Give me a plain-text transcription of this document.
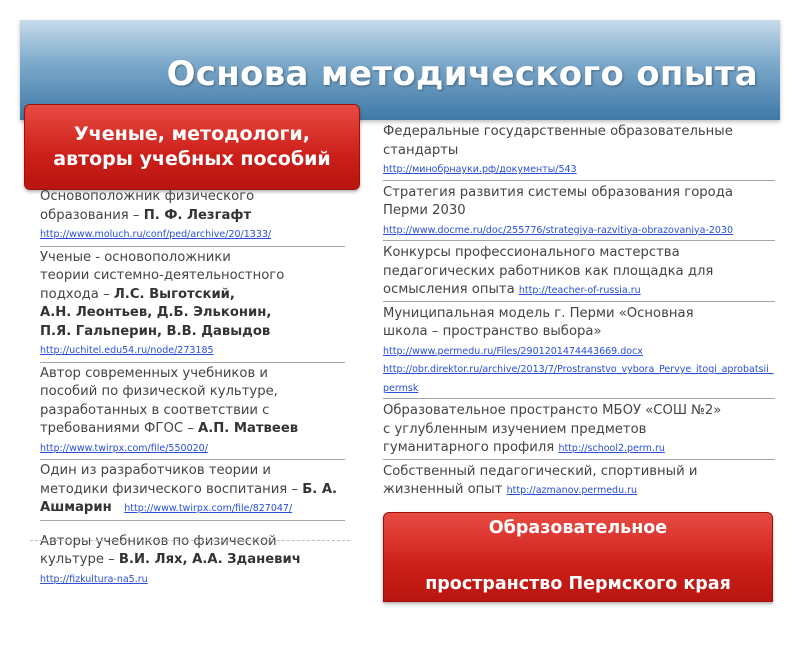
Основа методического опыта
Ученые, методологи,
авторы учебных пособий
Основоположник физического
образования – П. Ф. Лезгафт
http://www.moluch.ru/conf/ped/archive/20/1333/
Ученые - основоположники
теории системно-деятельностного
подхода – Л.С. Выготский,
А.Н. Леонтьев, Д.Б. Эльконин,
П.Я. Гальперин, В.В. Давыдов
http://uchitel.edu54.ru/node/273185
Автор современных учебников и
пособий по физической культуре,
разработанных в соответствии с
требованиями ФГОС – А.П. Матвеев
http://www.twirpx.com/file/550020/
Один из разработчиков теории и
методики физического воспитания – Б. А. Ашмарин http://www.twirpx.com/file/827047/
Авторы учебников по физической
культуре – В.И. Лях, А.А. Зданевич
http://fizkultura-na5.ru
Федеральные государственные образовательные
стандарты
http://минобрнауки.рф/документы/543
Стратегия развития системы образования города
Перми 2030
http://www.docme.ru/doc/255776/strategiya-razvitiya-obrazovaniya-2030
Конкурсы профессионального мастерства
педагогических работников как площадка для
осмысления опыта http://teacher-of-russia.ru
Муниципальная модель г. Перми «Основная
школа – пространство выбора»
http://www.permedu.ru/Files/2901201474443669.docx
http://obr.direktor.ru/archive/2013/7/Prostranstvo_vybora_Pervye_itogi_aprobatsii_permsk
Образовательное пространсто МБОУ «СОШ №2»
с углубленным изучением предметов
гуманитарного профиля http://school2.perm.ru
Собственный педагогический, спортивный и
жизненный опыт http://azmanov.permedu.ru
Образовательное

пространство Пермского края

и Российской Федерации
